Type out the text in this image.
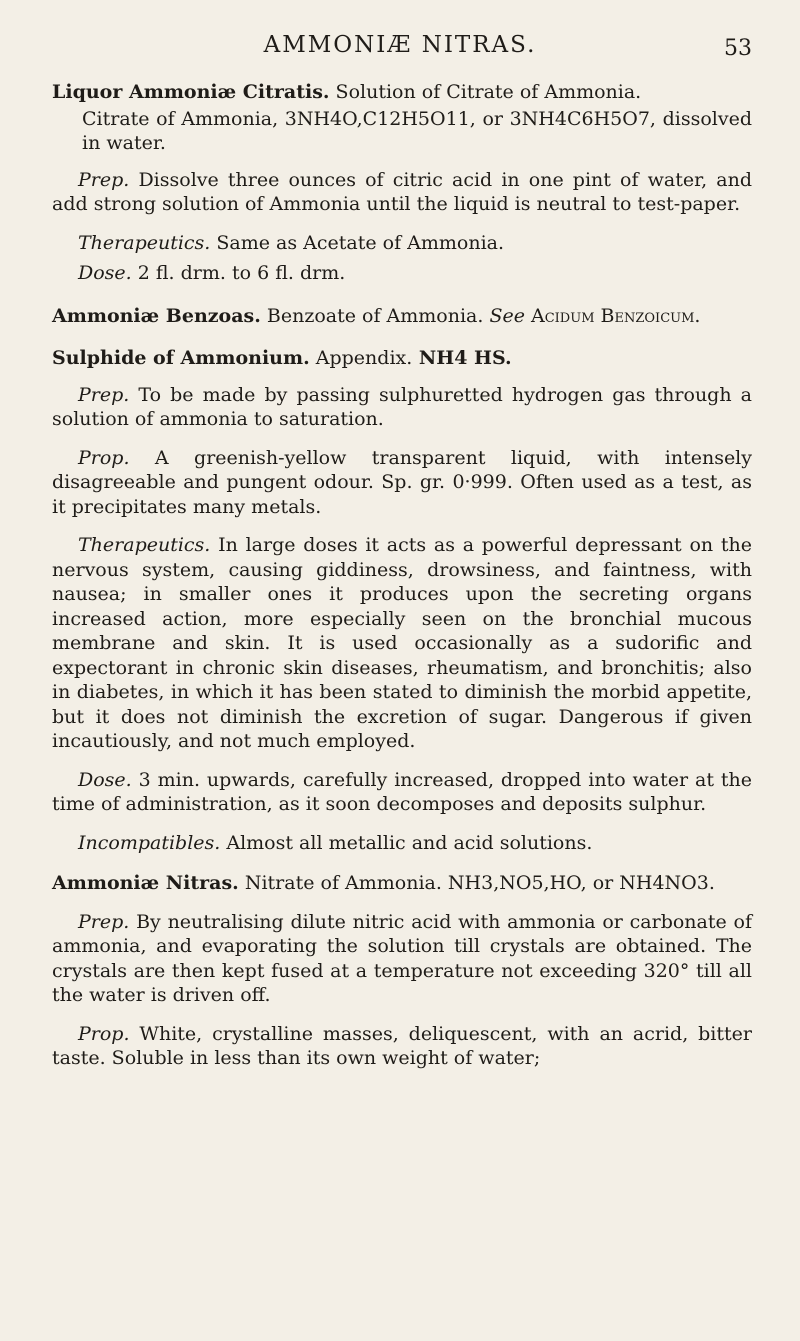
AMMONIÆ NITRAS.	53

Liquor Ammoniæ Citratis. Solution of Citrate of Ammonia.

Citrate of Ammonia, 3NH4O,C12H5O11, or 3NH4C6H5O7, dissolved in water.

Prep. Dissolve three ounces of citric acid in one pint of water, and add strong solution of Ammonia until the liquid is neutral to test-paper.

Therapeutics. Same as Acetate of Ammonia.

Dose. 2 fl. drm. to 6 fl. drm.

Ammoniæ Benzoas. Benzoate of Ammonia. See Acidum Benzoicum.

Sulphide of Ammonium. Appendix. NH4 HS.

Prep. To be made by passing sulphuretted hydrogen gas through a solution of ammonia to saturation.

Prop. A greenish-yellow transparent liquid, with intensely disagreeable and pungent odour. Sp. gr. 0·999. Often used as a test, as it precipitates many metals.

Therapeutics. In large doses it acts as a powerful depressant on the nervous system, causing giddiness, drowsiness, and faintness, with nausea; in smaller ones it produces upon the secreting organs increased action, more especially seen on the bronchial mucous membrane and skin. It is used occasionally as a sudorific and expectorant in chronic skin diseases, rheumatism, and bronchitis; also in diabetes, in which it has been stated to diminish the morbid appetite, but it does not diminish the excretion of sugar. Dangerous if given incautiously, and not much employed.

Dose. 3 min. upwards, carefully increased, dropped into water at the time of administration, as it soon decomposes and deposits sulphur.

Incompatibles. Almost all metallic and acid solutions.

Ammoniæ Nitras. Nitrate of Ammonia. NH3,NO5,HO, or NH4NO3.

Prep. By neutralising dilute nitric acid with ammonia or carbonate of ammonia, and evaporating the solution till crystals are obtained. The crystals are then kept fused at a temperature not exceeding 320° till all the water is driven off.

Prop. White, crystalline masses, deliquescent, with an acrid, bitter taste. Soluble in less than its own weight of water;
